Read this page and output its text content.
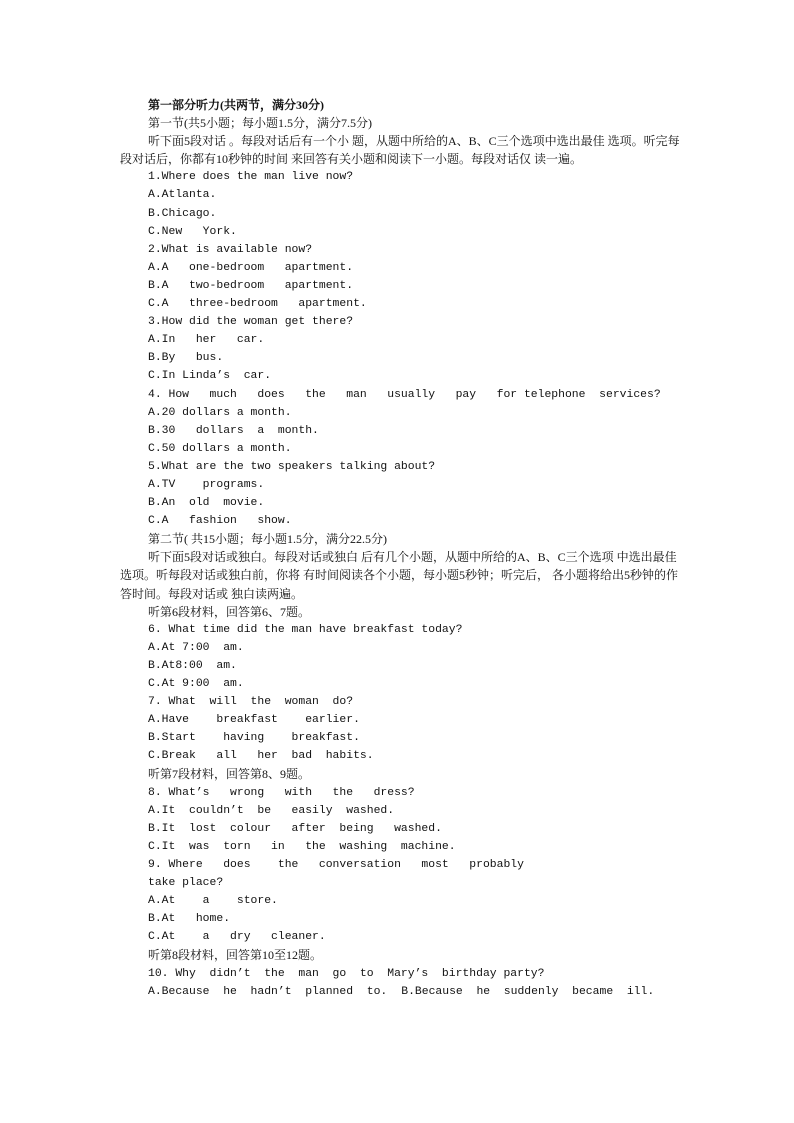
第一部分听力(共两节，满分30分)
第一节(共5小题；每小题1.5分，满分7.5分)
听下面5段对话 。每段对话后有一个小 题，从题中所给的A、B、C三个选项中选出最佳 选项。听完每段对话后，你都有10秒钟的时间 来回答有关小题和阅读下一小题。每段对话仅 读一遍。
1.Where does the man live now?
A.Atlanta.
B.Chicago.
C.New   York.
2.What is available now?
A.A   one-bedroom   apartment.
B.A   two-bedroom   apartment.
C.A   three-bedroom   apartment.
3.How did the woman get there?
A.In   her   car.
B.By   bus.
C.In Linda’s  car.
4. How   much   does   the   man   usually   pay   for telephone  services?
A.20 dollars a month.
B.30   dollars  a  month.
C.50 dollars a month.
5.What are the two speakers talking about?
A.TV    programs.
B.An  old  movie.
C.A   fashion   show.
第二节( 共15小题；每小题1.5分，满分22.5分)
听下面5段对话或独白。每段对话或独白 后有几个小题，从题中所给的A、B、C三个选项 中选出最佳选项。听每段对话或独白前，你将 有时间阅读各个小题，每小题5秒钟；听完后， 各小题将给出5秒钟的作答时间。每段对话或 独白读两遍。
听第6段材料，回答第6、7题。
6. What time did the man have breakfast today?
A.At 7:00  am.
B.At8:00  am.
C.At 9:00  am.
7. What  will  the  woman  do?
A.Have    breakfast    earlier.
B.Start    having    breakfast.
C.Break   all   her  bad  habits.
听第7段材料，回答第8、9题。
8. What’s   wrong   with   the   dress?
A.It  couldn’t  be   easily  washed.
B.It  lost  colour   after  being   washed.
C.It  was  torn   in   the  washing  machine.
9. Where   does    the   conversation   most   probably
take place?
A.At    a    store.
B.At   home.
C.At    a   dry   cleaner.
听第8段材料，回答第10至12题。
10. Why  didn’t  the  man  go  to  Mary’s  birthday party?
A.Because  he  hadn’t  planned  to. B.Because  he  suddenly  became  ill.
